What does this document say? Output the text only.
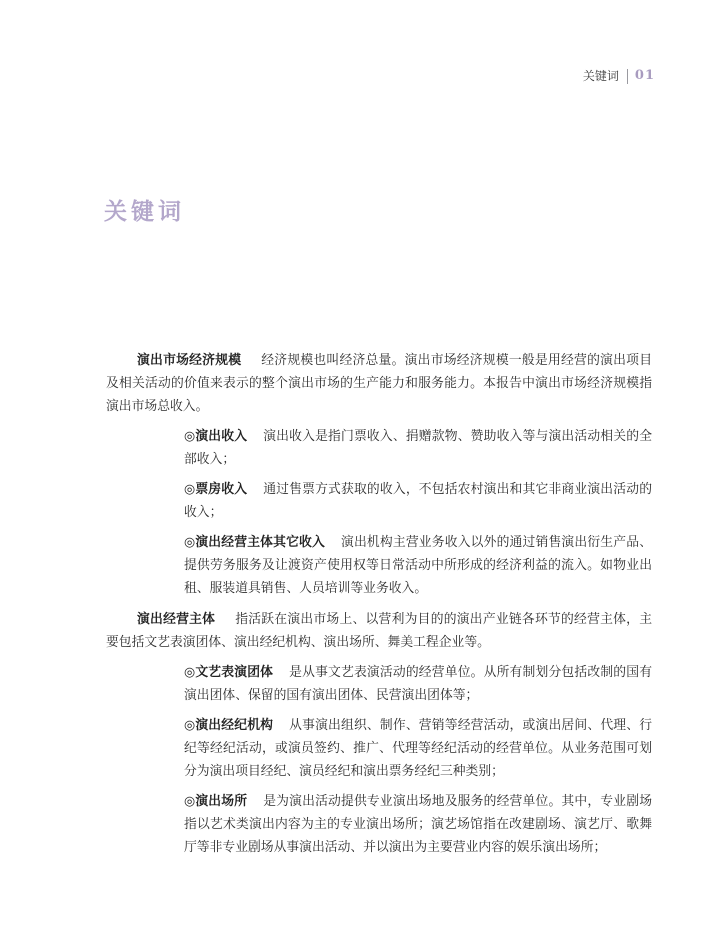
关键词 01
关键词

演出市场经济规模 经济规模也叫经济总量。演出市场经济规模一般是用经营的演出项目及相关活动的价值来表示的整个演出市场的生产能力和服务能力。本报告中演出市场经济规模指演出市场总收入。

◎演出收入 演出收入是指门票收入、捐赠款物、赞助收入等与演出活动相关的全部收入；

◎票房收入 通过售票方式获取的收入，不包括农村演出和其它非商业演出活动的收入；

◎演出经营主体其它收入 演出机构主营业务收入以外的通过销售演出衍生产品、提供劳务服务及让渡资产使用权等日常活动中所形成的经济利益的流入。如物业出租、服装道具销售、人员培训等业务收入。

演出经营主体 指活跃在演出市场上、以营利为目的的演出产业链各环节的经营主体，主要包括文艺表演团体、演出经纪机构、演出场所、舞美工程企业等。

◎文艺表演团体 是从事文艺表演活动的经营单位。从所有制划分包括改制的国有演出团体、保留的国有演出团体、民营演出团体等；

◎演出经纪机构 从事演出组织、制作、营销等经营活动，或演出居间、代理、行纪等经纪活动，或演员签约、推广、代理等经纪活动的经营单位。从业务范围可划分为演出项目经纪、演员经纪和演出票务经纪三种类别；

◎演出场所 是为演出活动提供专业演出场地及服务的经营单位。其中，专业剧场指以艺术类演出内容为主的专业演出场所；演艺场馆指在改建剧场、演艺厅、歌舞厅等非专业剧场从事演出活动、并以演出为主要营业内容的娱乐演出场所；
